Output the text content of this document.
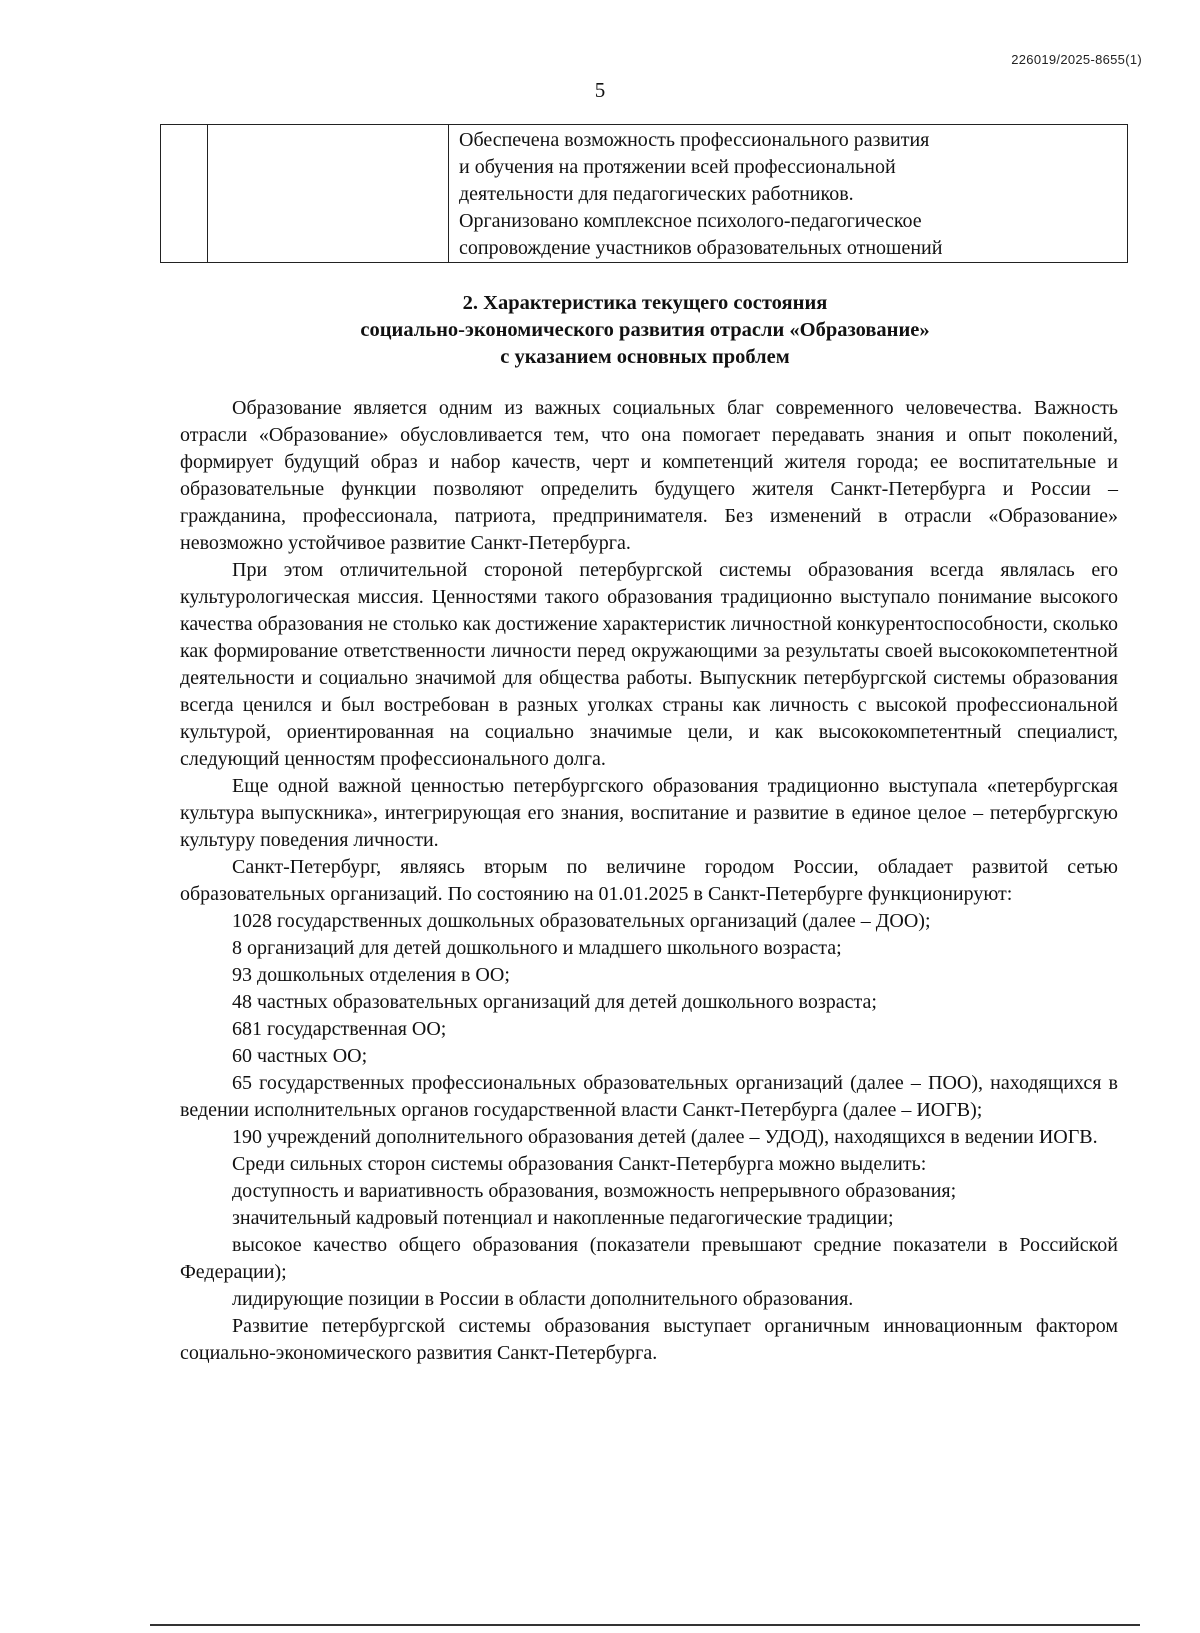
226019/2025-8655(1)
5

Обеспечена возможность профессионального развития
и обучения на протяжении всей профессиональной
деятельности для педагогических работников.
Организовано комплексное психолого-педагогическое
сопровождение участников образовательных отношений
2. Характеристика текущего состояния
социально-экономического развития отрасли «Образование»
с указанием основных проблем

Образование является одним из важных социальных благ современного человечества. Важность отрасли «Образование» обусловливается тем, что она помогает передавать знания и опыт поколений, формирует будущий образ и набор качеств, черт и компетенций жителя города; ее воспитательные и образовательные функции позволяют определить будущего жителя Санкт-Петербурга и России – гражданина, профессионала, патриота, предпринимателя. Без изменений в отрасли «Образование» невозможно устойчивое развитие Санкт-Петербурга.

При этом отличительной стороной петербургской системы образования всегда являлась его культурологическая миссия. Ценностями такого образования традиционно выступало понимание высокого качества образования не столько как достижение характеристик личностной конкурентоспособности, сколько как формирование ответственности личности перед окружающими за результаты своей высококомпетентной деятельности и социально значимой для общества работы. Выпускник петербургской системы образования всегда ценился и был востребован в разных уголках страны как личность с высокой профессиональной культурой, ориентированная на социально значимые цели, и как высококомпетентный специалист, следующий ценностям профессионального долга.

Еще одной важной ценностью петербургского образования традиционно выступала «петербургская культура выпускника», интегрирующая его знания, воспитание и развитие в единое целое – петербургскую культуру поведения личности.

Санкт-Петербург, являясь вторым по величине городом России, обладает развитой сетью образовательных организаций. По состоянию на 01.01.2025 в Санкт-Петербурге функционируют:

1028 государственных дошкольных образовательных организаций (далее – ДОО);

8 организаций для детей дошкольного и младшего школьного возраста;

93 дошкольных отделения в ОО;

48 частных образовательных организаций для детей дошкольного возраста;

681 государственная ОО;

60 частных ОО;

65 государственных профессиональных образовательных организаций (далее – ПОО), находящихся в ведении исполнительных органов государственной власти Санкт-Петербурга (далее – ИОГВ);

190 учреждений дополнительного образования детей (далее – УДОД), находящихся в ведении ИОГВ.

Среди сильных сторон системы образования Санкт-Петербурга можно выделить:

доступность и вариативность образования, возможность непрерывного образования;

значительный кадровый потенциал и накопленные педагогические традиции;

высокое качество общего образования (показатели превышают средние показатели в Российской Федерации);

лидирующие позиции в России в области дополнительного образования.

Развитие петербургской системы образования выступает органичным инновационным фактором социально-экономического развития Санкт-Петербурга.
